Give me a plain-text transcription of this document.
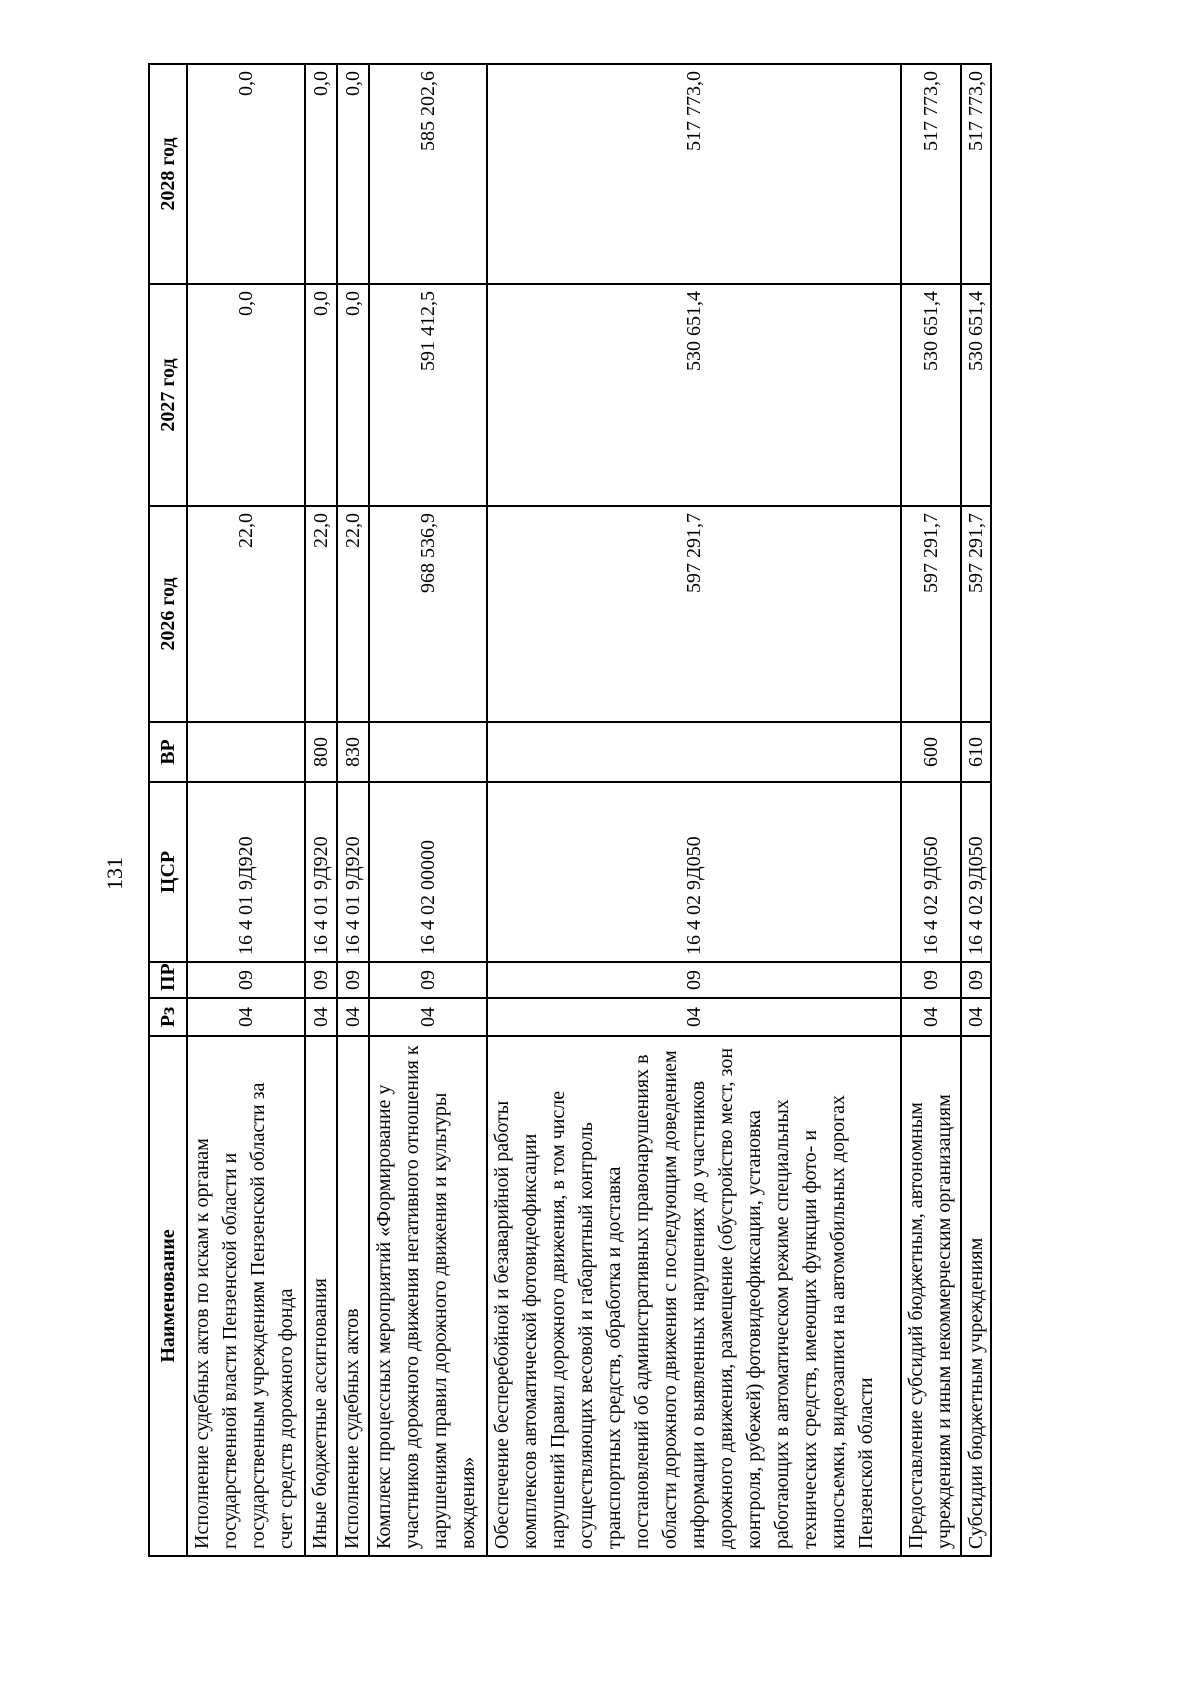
131
Наименование	Рз	ПР	ЦСР	ВР	2026 год	2027 год	2028 год
Исполнение судебных актов по искам к органам государственной власти Пензенской области и государственным учреждениям Пензенской области за счет средств дорожного фонда	04	09	16 4 01 9Д920		22,0	0,0	0,0
Иные бюджетные ассигнования	04	09	16 4 01 9Д920	800	22,0	0,0	0,0
Исполнение судебных актов	04	09	16 4 01 9Д920	830	22,0	0,0	0,0
Комплекс процессных мероприятий «Формирование у участников дорожного движения негативного отношения к нарушениям правил дорожного движения и культуры вождения»	04	09	16 4 02 00000		968 536,9	591 412,5	585 202,6
Обеспечение бесперебойной и безаварийной работы комплексов автоматической фотовидеофиксации нарушений Правил дорожного движения, в том числе осуществляющих весовой и габаритный контроль транспортных средств, обработка и доставка постановлений об административных правонарушениях в области дорожного движения с последующим доведением информации о выявленных нарушениях до участников дорожного движения, размещение (обустройство мест, зон контроля, рубежей) фотовидеофиксации, установка работающих в автоматическом режиме специальных технических средств, имеющих функции фото- и киносъемки, видеозаписи на автомобильных дорогах Пензенской области	04	09	16 4 02 9Д050		597 291,7	530 651,4	517 773,0
Предоставление субсидий бюджетным, автономным учреждениям и иным некоммерческим организациям	04	09	16 4 02 9Д050	600	597 291,7	530 651,4	517 773,0
Субсидии бюджетным учреждениям	04	09	16 4 02 9Д050	610	597 291,7	530 651,4	517 773,0
